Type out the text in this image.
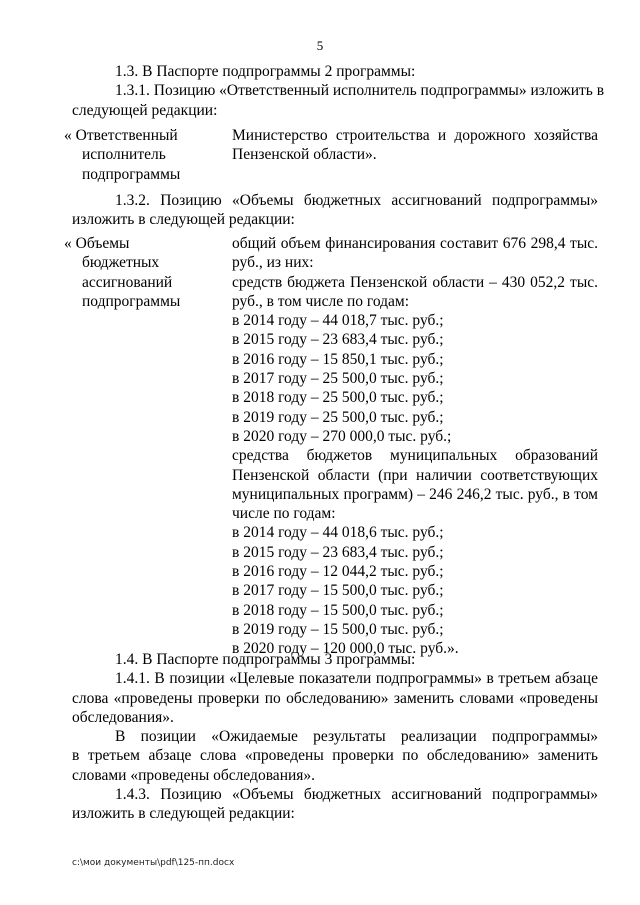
5
1.3. В Паспорте подпрограммы 2 программы:
1.3.1. Позицию «Ответственный исполнитель подпрограммы» изложить в
следующей редакции:
« Ответственный
исполнитель
подпрограммы
Министерство строительства и дорожного хозяйства
Пензенской области».
1.3.2. Позицию «Объемы бюджетных ассигнований подпрограммы»
изложить в следующей редакции:
« Объемы
бюджетных
ассигнований
подпрограммы
общий объем финансирования составит 676 298,4 тыс.
руб., из них:
средств бюджета Пензенской области – 430 052,2 тыс.
руб., в том числе по годам:
в 2014 году – 44 018,7 тыс. руб.;
в 2015 году – 23 683,4 тыс. руб.;
в 2016 году – 15 850,1 тыс. руб.;
в 2017 году – 25 500,0 тыс. руб.;
в 2018 году – 25 500,0 тыс. руб.;
в 2019 году – 25 500,0 тыс. руб.;
в 2020 году – 270 000,0 тыс. руб.;
средства бюджетов муниципальных образований
Пензенской области (при наличии соответствующих
муниципальных программ) – 246 246,2 тыс. руб., в том
числе по годам:
в 2014 году – 44 018,6 тыс. руб.;
в 2015 году – 23 683,4 тыс. руб.;
в 2016 году – 12 044,2 тыс. руб.;
в 2017 году – 15 500,0 тыс. руб.;
в 2018 году – 15 500,0 тыс. руб.;
в 2019 году – 15 500,0 тыс. руб.;
в 2020 году – 120 000,0 тыс. руб.».
1.4. В Паспорте подпрограммы 3 программы:
1.4.1. В позиции «Целевые показатели подпрограммы» в третьем абзаце
слова «проведены проверки по обследованию» заменить словами «проведены
обследования».
В позиции «Ожидаемые результаты реализации подпрограммы»
в третьем абзаце слова «проведены проверки по обследованию» заменить
словами «проведены обследования».
1.4.3. Позицию «Объемы бюджетных ассигнований подпрограммы»
изложить в следующей редакции:
c:\мои документы\pdf\125-пп.docx
